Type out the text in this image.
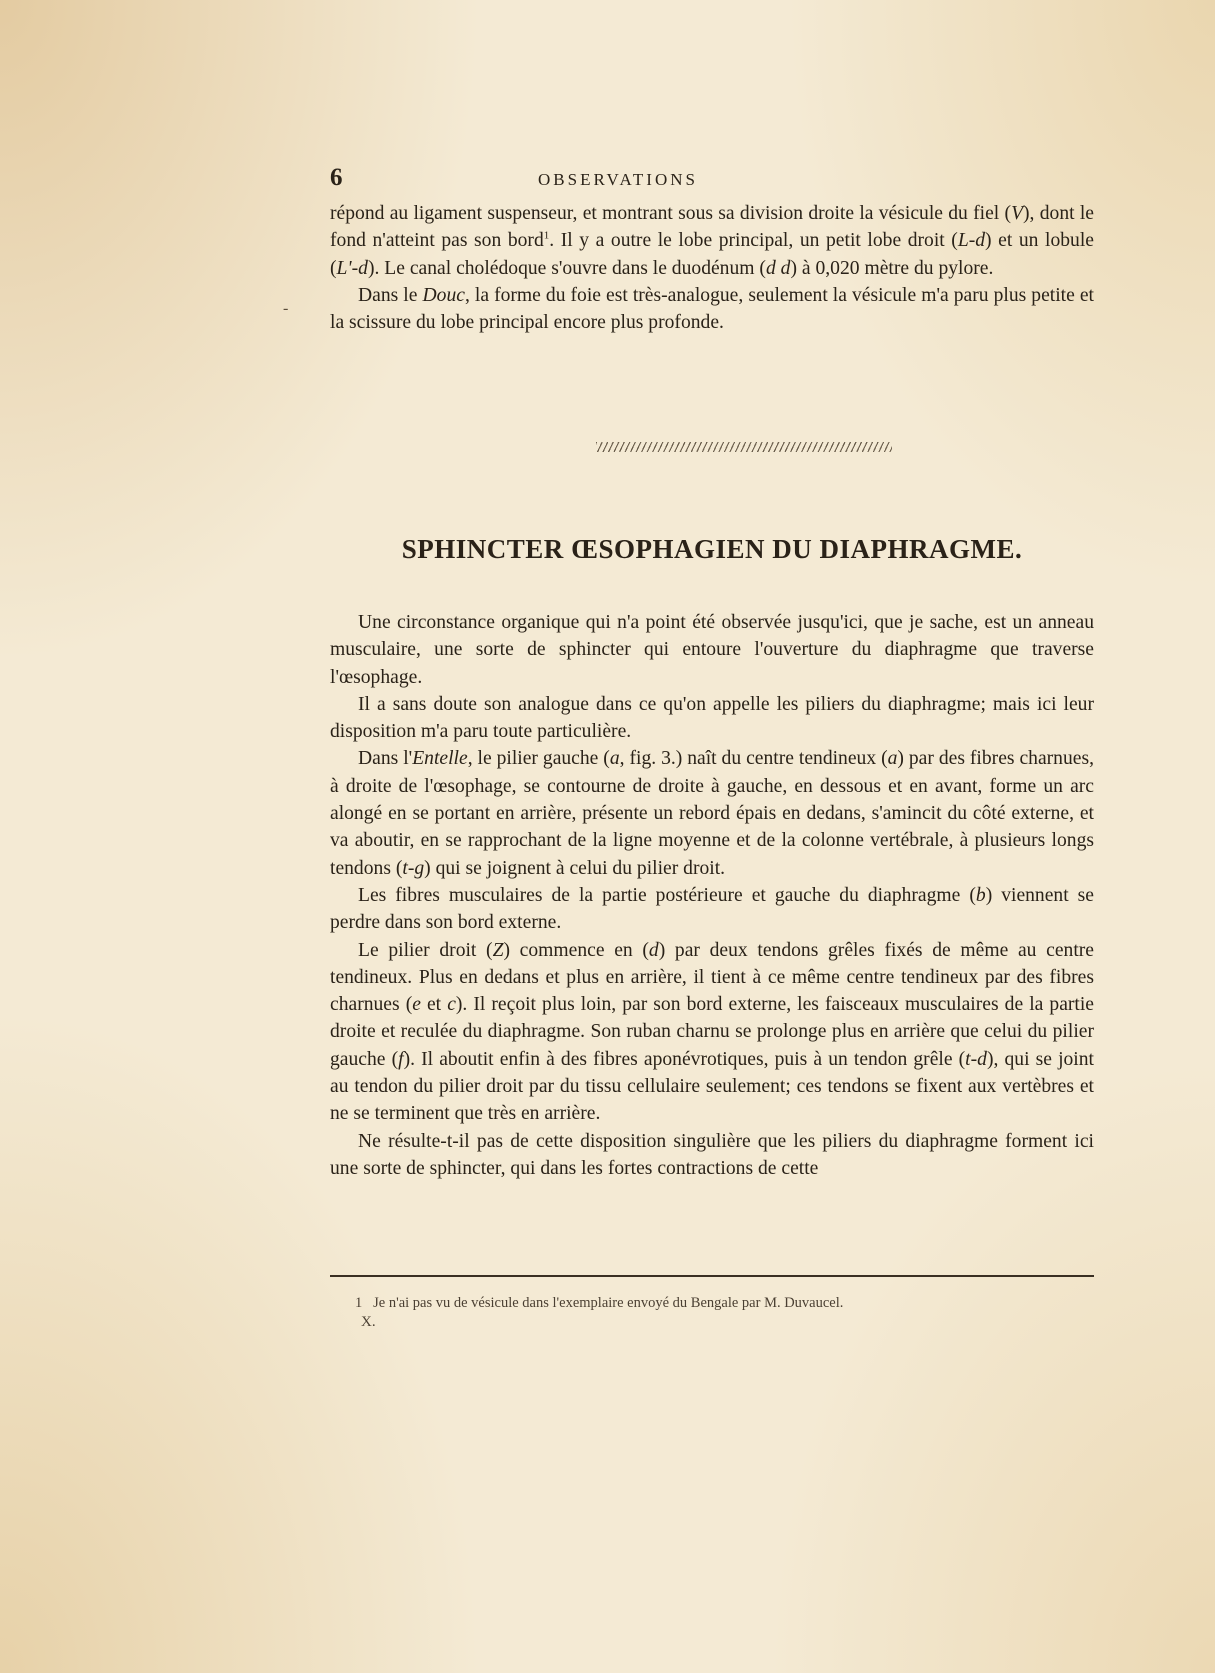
6	OBSERVATIONS
-

répond au ligament suspenseur, et montrant sous sa division droite la vésicule du fiel (V), dont le fond n'atteint pas son bord$^1$. Il y a outre le lobe principal, un petit lobe droit (L-d) et un lobule (L'-d). Le canal cholédoque s'ouvre dans le duodénum (d d) à 0,020 mètre du pylore.

Dans le Douc, la forme du foie est très-analogue, seulement la vésicule m'a paru plus petite et la scissure du lobe principal encore plus profonde.

SPHINCTER ŒSOPHAGIEN DU DIAPHRAGME.

Une circonstance organique qui n'a point été observée jusqu'ici, que je sache, est un anneau musculaire, une sorte de sphincter qui entoure l'ouverture du diaphragme que traverse l'œsophage.

Il a sans doute son analogue dans ce qu'on appelle les piliers du diaphragme; mais ici leur disposition m'a paru toute particulière.

Dans l'Entelle, le pilier gauche (a, fig. 3.) naît du centre tendineux (a) par des fibres charnues, à droite de l'œsophage, se contourne de droite à gauche, en dessous et en avant, forme un arc alongé en se portant en arrière, présente un rebord épais en dedans, s'amincit du côté externe, et va aboutir, en se rapprochant de la ligne moyenne et de la colonne vertébrale, à plusieurs longs tendons (t-g) qui se joignent à celui du pilier droit.

Les fibres musculaires de la partie postérieure et gauche du diaphragme (b) viennent se perdre dans son bord externe.

Le pilier droit (Z) commence en (d) par deux tendons grêles fixés de même au centre tendineux. Plus en dedans et plus en arrière, il tient à ce même centre tendineux par des fibres charnues (e et c). Il reçoit plus loin, par son bord externe, les faisceaux musculaires de la partie droite et reculée du diaphragme. Son ruban charnu se prolonge plus en arrière que celui du pilier gauche (f). Il aboutit enfin à des fibres aponévrotiques, puis à un tendon grêle (t-d), qui se joint au tendon du pilier droit par du tissu cellulaire seulement; ces tendons se fixent aux vertèbres et ne se terminent que très en arrière.

Ne résulte-t-il pas de cette disposition singulière que les piliers du diaphragme forment ici une sorte de sphincter, qui dans les fortes contractions de cette

1 Je n'ai pas vu de vésicule dans l'exemplaire envoyé du Bengale par M. Duvaucel.
X.
